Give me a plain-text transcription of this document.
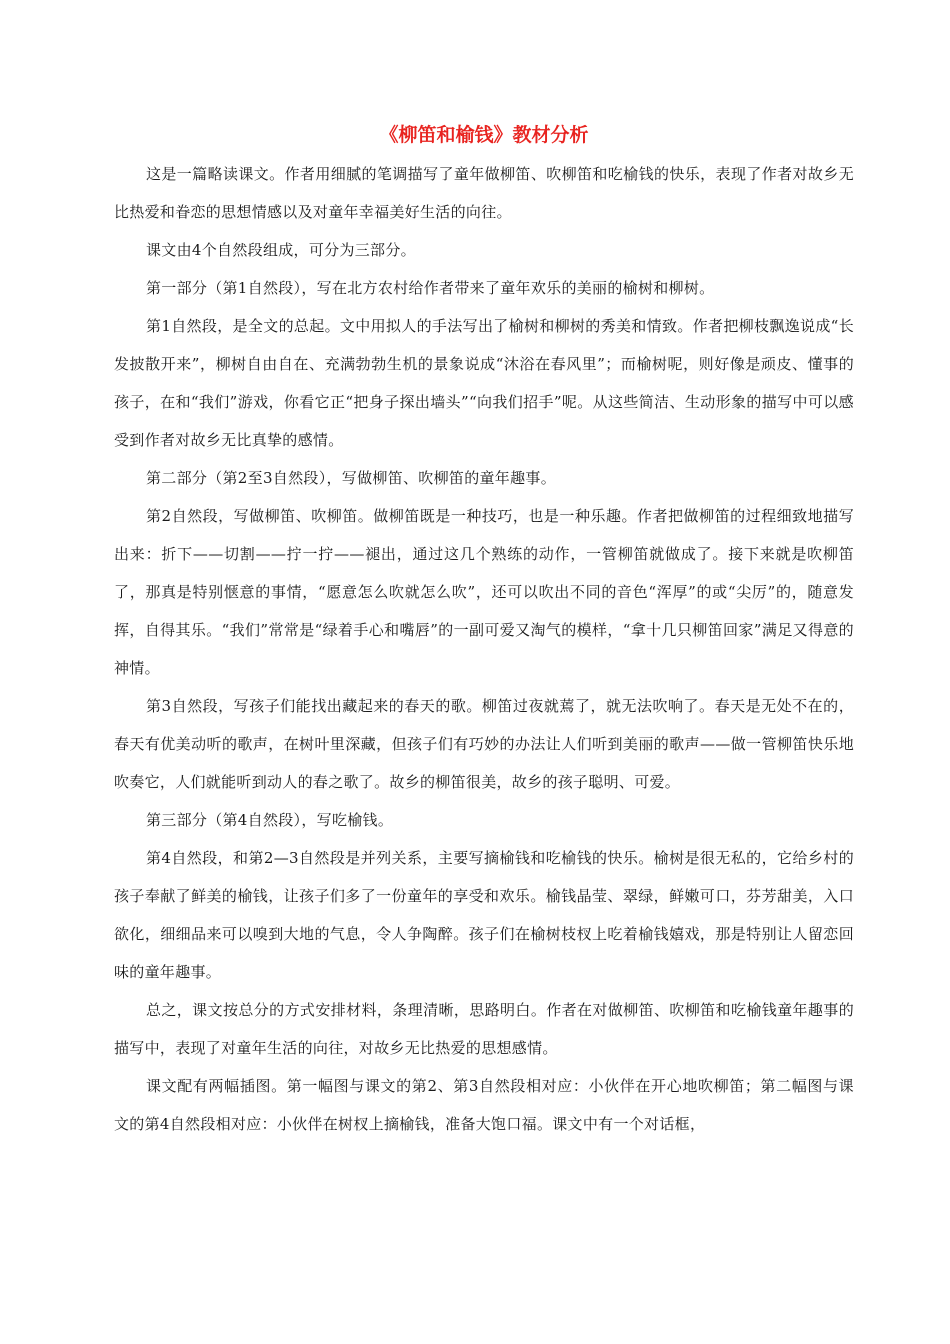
《柳笛和榆钱》教材分析

这是一篇略读课文。作者用细腻的笔调描写了童年做柳笛、吹柳笛和吃榆钱的快乐，表现了作者对故乡无比热爱和眷恋的思想情感以及对童年幸福美好生活的向往。

课文由4个自然段组成，可分为三部分。

第一部分（第1自然段），写在北方农村给作者带来了童年欢乐的美丽的榆树和柳树。

第1自然段，是全文的总起。文中用拟人的手法写出了榆树和柳树的秀美和情致。作者把柳枝飘逸说成“长发披散开来”，柳树自由自在、充满勃勃生机的景象说成“沐浴在春风里”；而榆树呢，则好像是顽皮、懂事的孩子，在和“我们”游戏，你看它正“把身子探出墙头”“向我们招手”呢。从这些简洁、生动形象的描写中可以感受到作者对故乡无比真挚的感情。

第二部分（第2至3自然段），写做柳笛、吹柳笛的童年趣事。

第2自然段，写做柳笛、吹柳笛。做柳笛既是一种技巧，也是一种乐趣。作者把做柳笛的过程细致地描写出来：折下——切割——拧一拧——褪出，通过这几个熟练的动作，一管柳笛就做成了。接下来就是吹柳笛了，那真是特别惬意的事情，“愿意怎么吹就怎么吹”，还可以吹出不同的音色“浑厚”的或“尖厉”的，随意发挥，自得其乐。“我们”常常是“绿着手心和嘴唇”的一副可爱又淘气的模样，“拿十几只柳笛回家”满足又得意的神情。

第3自然段，写孩子们能找出藏起来的春天的歌。柳笛过夜就蔫了，就无法吹响了。春天是无处不在的，春天有优美动听的歌声，在树叶里深藏，但孩子们有巧妙的办法让人们听到美丽的歌声——做一管柳笛快乐地吹奏它，人们就能听到动人的春之歌了。故乡的柳笛很美，故乡的孩子聪明、可爱。

第三部分（第4自然段），写吃榆钱。

第4自然段，和第2—3自然段是并列关系，主要写摘榆钱和吃榆钱的快乐。榆树是很无私的，它给乡村的孩子奉献了鲜美的榆钱，让孩子们多了一份童年的享受和欢乐。榆钱晶莹、翠绿，鲜嫩可口，芬芳甜美，入口欲化，细细品来可以嗅到大地的气息，令人争陶醉。孩子们在榆树枝杈上吃着榆钱嬉戏，那是特别让人留恋回味的童年趣事。

总之，课文按总分的方式安排材料，条理清晰，思路明白。作者在对做柳笛、吹柳笛和吃榆钱童年趣事的描写中，表现了对童年生活的向往，对故乡无比热爱的思想感情。

课文配有两幅插图。第一幅图与课文的第2、第3自然段相对应：小伙伴在开心地吹柳笛；第二幅图与课文的第4自然段相对应：小伙伴在树杈上摘榆钱，准备大饱口福。课文中有一个对话框，
